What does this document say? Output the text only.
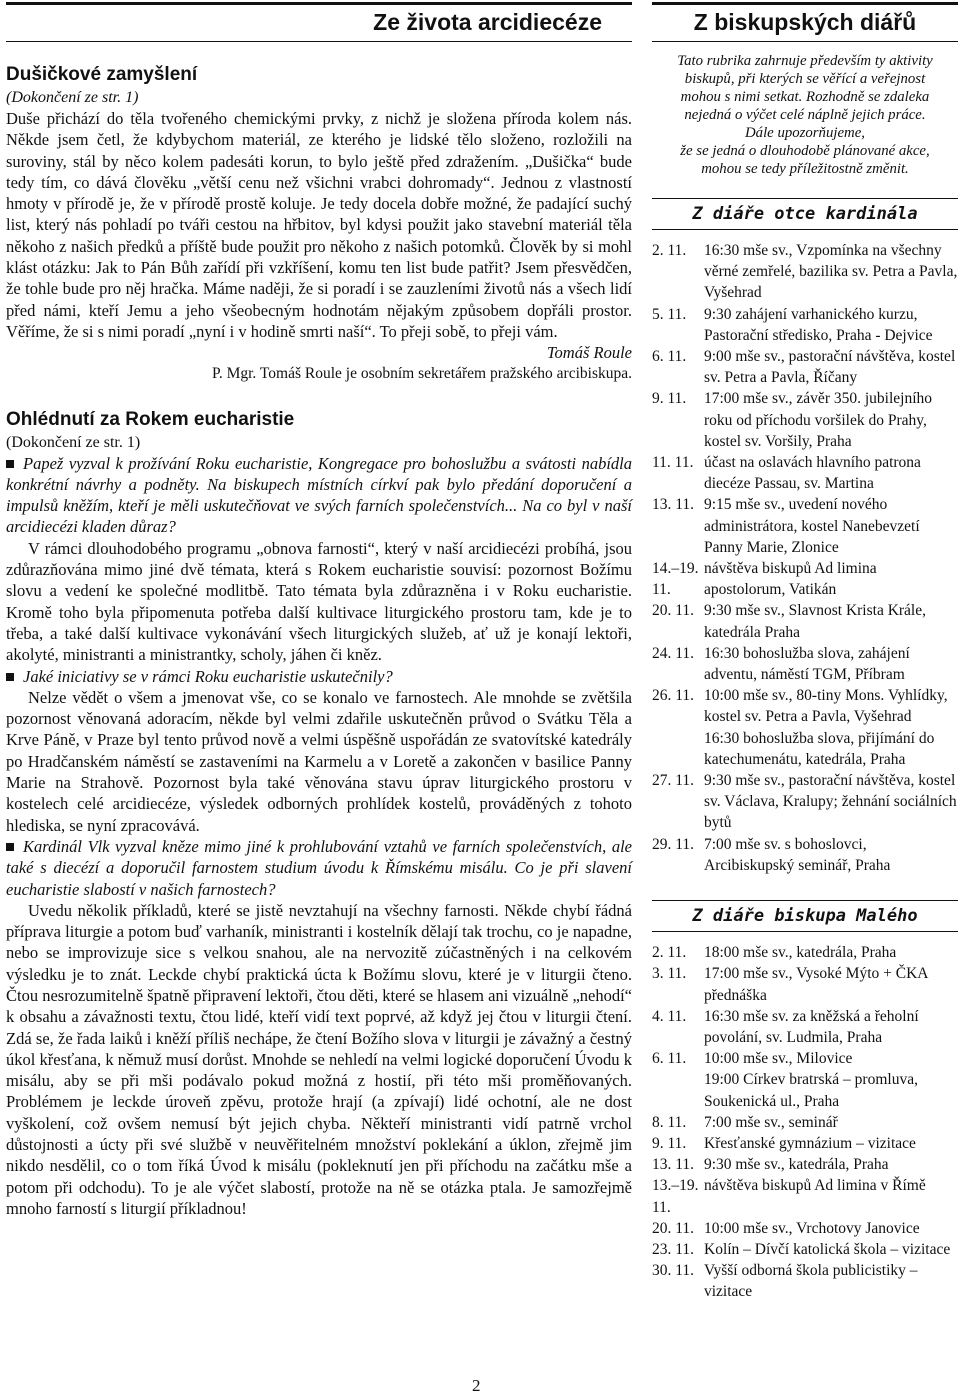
Ze života arcidiecéze
Dušičkové zamyšlení
(Dokončení ze str. 1)

Duše přichází do těla tvořeného chemickými prvky, z nichž je složena příroda kolem nás. Někde jsem četl, že kdybychom materiál, ze kterého je lidské tělo složeno, rozložili na suroviny, stál by něco kolem padesáti korun, to bylo ještě před zdražením. „Dušička“ bude tedy tím, co dává člověku „větší cenu než všichni vrabci dohromady“. Jednou z vlastností hmoty v přírodě je, že v přírodě prostě koluje. Je tedy docela dobře možné, že padající suchý list, který nás pohladí po tváři cestou na hřbitov, byl kdysi použit jako stavební materiál těla někoho z našich předků a příště bude použit pro někoho z našich potomků. Člověk by si mohl klást otázku: Jak to Pán Bůh zařídí při vzkříšení, komu ten list bude patřit? Jsem přesvědčen, že tohle bude pro něj hračka. Máme naději, že si poradí i se zauzleními životů nás a všech lidí před námi, kteří Jemu a jeho všeobecným hodnotám nějakým způsobem dopřáli prostor. Věříme, že si s nimi poradí „nyní i v hodině smrti naší“. To přeji sobě, to přeji vám.

Tomáš Roule

P. Mgr. Tomáš Roule je osobním sekretářem pražského arcibiskupa.
Ohlédnutí za Rokem eucharistie
(Dokončení ze str. 1)

Papež vyzval k prožívání Roku eucharistie, Kongregace pro bohoslužbu a svátosti nabídla konkrétní návrhy a podněty. Na biskupech místních církví pak bylo předání doporučení a impulsů kněžím, kteří je měli uskutečňovat ve svých farních společenstvích... Na co byl v naší arcidiecézi kladen důraz?

V rámci dlouhodobého programu „obnova farnosti“, který v naší arcidiecézi probíhá, jsou zdůrazňována mimo jiné dvě témata, která s Rokem eucharistie souvisí: pozornost Božímu slovu a vedení ke společné modlitbě. Tato témata byla zdůrazněna i v Roku eucharistie. Kromě toho byla připomenuta potřeba další kultivace liturgického prostoru tam, kde je to třeba, a také další kultivace vykonávání všech liturgických služeb, ať už je konají lektoři, akolyté, ministranti a ministrantky, scholy, jáhen či kněz.

Jaké iniciativy se v rámci Roku eucharistie uskutečnily?

Nelze vědět o všem a jmenovat vše, co se konalo ve farnostech. Ale mnohde se zvětšila pozornost věnovaná adoracím, někde byl velmi zdařile uskutečněn průvod o Svátku Těla a Krve Páně, v Praze byl tento průvod nově a velmi úspěšně uspořádán ze svatovítské katedrály po Hradčanském náměstí se zastaveními na Karmelu a v Loretě a zakončen v basilice Panny Marie na Strahově. Pozornost byla také věnována stavu úprav liturgického prostoru v kostelech celé arcidiecéze, výsledek odborných prohlídek kostelů, prováděných z tohoto hlediska, se nyní zpracovává.

Kardinál Vlk vyzval kněze mimo jiné k prohlubování vztahů ve farních společenstvích, ale také s diecézí a doporučil farnostem studium úvodu k Římskému misálu. Co je při slavení eucharistie slabostí v našich farnostech?

Uvedu několik příkladů, které se jistě nevztahují na všechny farnosti. Někde chybí řádná příprava liturgie a potom buď varhaník, ministranti i kostelník dělají tak trochu, co je napadne, nebo se improvizuje sice s velkou snahou, ale na nervozitě zúčastněných i na celkovém výsledku je to znát. Leckde chybí praktická úcta k Božímu slovu, které je v liturgii čteno. Čtou nesrozumitelně špatně připravení lektoři, čtou děti, které se hlasem ani vizuálně „nehodí“ k obsahu a závažnosti textu, čtou lidé, kteří vidí text poprvé, až když jej čtou v liturgii čtení. Zdá se, že řada laiků i kněží příliš nechápe, že čtení Božího slova v liturgii je závažný a čestný úkol křesťana, k němuž musí dorůst. Mnohde se nehledí na velmi logické doporučení Úvodu k misálu, aby se při mši podávalo pokud možná z hostií, při této mši proměňovaných. Problémem je leckde úroveň zpěvu, protože hrají (a zpívají) lidé ochotní, ale ne dost vyškolení, což ovšem nemusí být jejich chyba. Někteří ministranti vidí patrně vrchol důstojnosti a úcty při své službě v neuvěřitelném množství poklekání a úklon, zřejmě jim nikdo nesdělil, co o tom říká Úvod k misálu (pokleknutí jen při příchodu na začátku mše a potom při odchodu). To je ale výčet slabostí, protože na ně se otázka ptala. Je samozřejmě mnoho farností s liturgií příkladnou!

Z biskupských diářů
Tato rubrika zahrnuje především ty aktivity
biskupů, při kterých se věřící a veřejnost
mohou s nimi setkat. Rozhodně se zdaleka
nejedná o výčet celé náplně jejich práce.
Dále upozorňujeme,
že se jedná o dlouhodobě plánované akce,
mohou se tedy příležitostně změnit.
Z diáře otce kardinála
2. 11.	16:30 mše sv., Vzpomínka na všechny věrné zemřelé, bazilika sv. Petra a Pavla, Vyšehrad
5. 11.	9:30 zahájení varhanického kurzu, Pastorační středisko, Praha - Dejvice
6. 11.	9:00 mše sv., pastorační návštěva, kostel sv. Petra a Pavla, Říčany
9. 11.	17:00 mše sv., závěr 350. jubilejního roku od příchodu voršilek do Prahy, kostel sv. Voršily, Praha
11. 11. účast na oslavách hlavního patrona diecéze Passau, sv. Martina
13. 11. 9:15 mše sv., uvedení nového administrátora, kostel Nanebevzetí Panny Marie, Zlonice
14.–19. 11.
návštěva biskupů Ad limina apostolorum, Vatikán
20. 11. 9:30 mše sv., Slavnost Krista Krále, katedrála Praha
24. 11. 16:30 bohoslužba slova, zahájení adventu, náměstí TGM, Příbram
26. 11. 10:00 mše sv., 80-tiny Mons. Vyhlídky, kostel sv. Petra a Pavla, Vyšehrad
16:30 bohoslužba slova, přijímání do katechumenátu, katedrála, Praha
27. 11. 9:30 mše sv., pastorační návštěva, kostel sv. Václava, Kralupy; žehnání sociálních bytů
29. 11. 7:00 mše sv. s bohoslovci, Arcibiskupský seminář, Praha
Z diáře biskupa Malého
2. 11.	18:00 mše sv., katedrála, Praha
3. 11.	17:00 mše sv., Vysoké Mýto + ČKA přednáška
4. 11.	16:30 mše sv. za kněžská a řeholní povolání, sv. Ludmila, Praha
6. 11.	10:00 mše sv., Milovice
19:00 Církev bratrská – promluva, Soukenická ul., Praha
8. 11.	7:00 mše sv., seminář
9. 11.	Křesťanské gymnázium – vizitace
13. 11. 9:30 mše sv., katedrála, Praha
13.–19. 11.
návštěva biskupů Ad limina v Římě
20. 11. 10:00 mše sv., Vrchotovy Janovice
23. 11. Kolín – Dívčí katolická škola – vizitace
30. 11. Vyšší odborná škola publicistiky – vizitace
2
